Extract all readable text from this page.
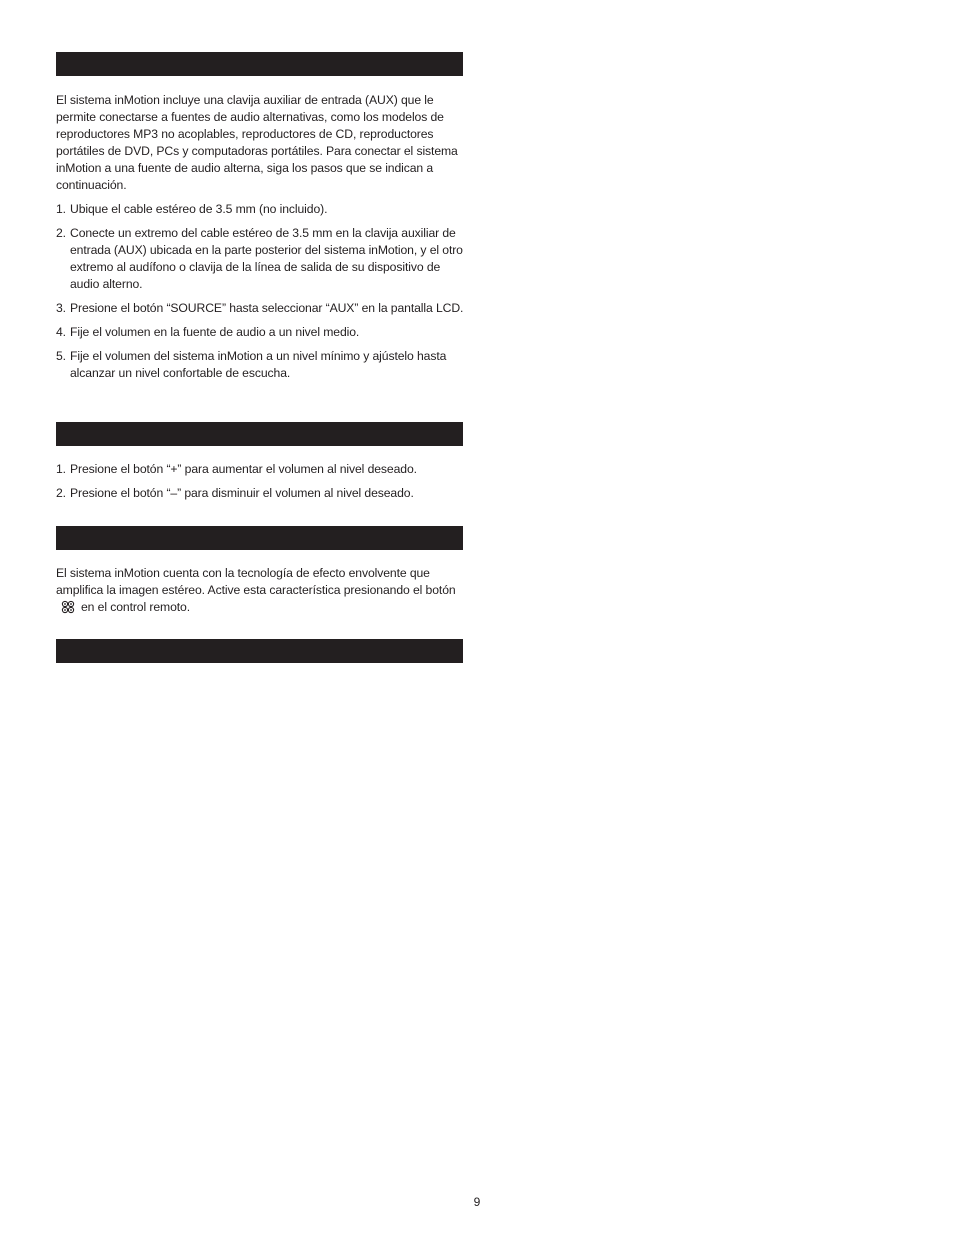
El sistema inMotion incluye una clavija auxiliar de entrada (AUX) que le permite conectarse a fuentes de audio alternativas, como los modelos de reproductores MP3 no acoplables, reproductores de CD, reproductores portátiles de DVD, PCs y computadoras portátiles. Para conectar el sistema inMotion a una fuente de audio alterna, siga los pasos que se indican a continuación.

1. Ubique el cable estéreo de 3.5 mm (no incluido).
2. Conecte un extremo del cable estéreo de 3.5 mm en la clavija auxiliar de entrada (AUX) ubicada en la parte posterior del sistema inMotion, y el otro extremo al audífono o clavija de la línea de salida de su dispositivo de audio alterno.
3. Presione el botón “SOURCE” hasta seleccionar “AUX” en la pantalla LCD.
4. Fije el volumen en la fuente de audio a un nivel medio.
5. Fije el volumen del sistema inMotion a un nivel mínimo y ajústelo hasta alcanzar un nivel confortable de escucha.
1. Presione el botón “+” para aumentar el volumen al nivel deseado.
2. Presione el botón “–” para disminuir el volumen al nivel deseado.

El sistema inMotion cuenta con la tecnología de efecto envolvente que amplifica la imagen estéreo. Active esta característica presionando el botónen el control remoto.

9
